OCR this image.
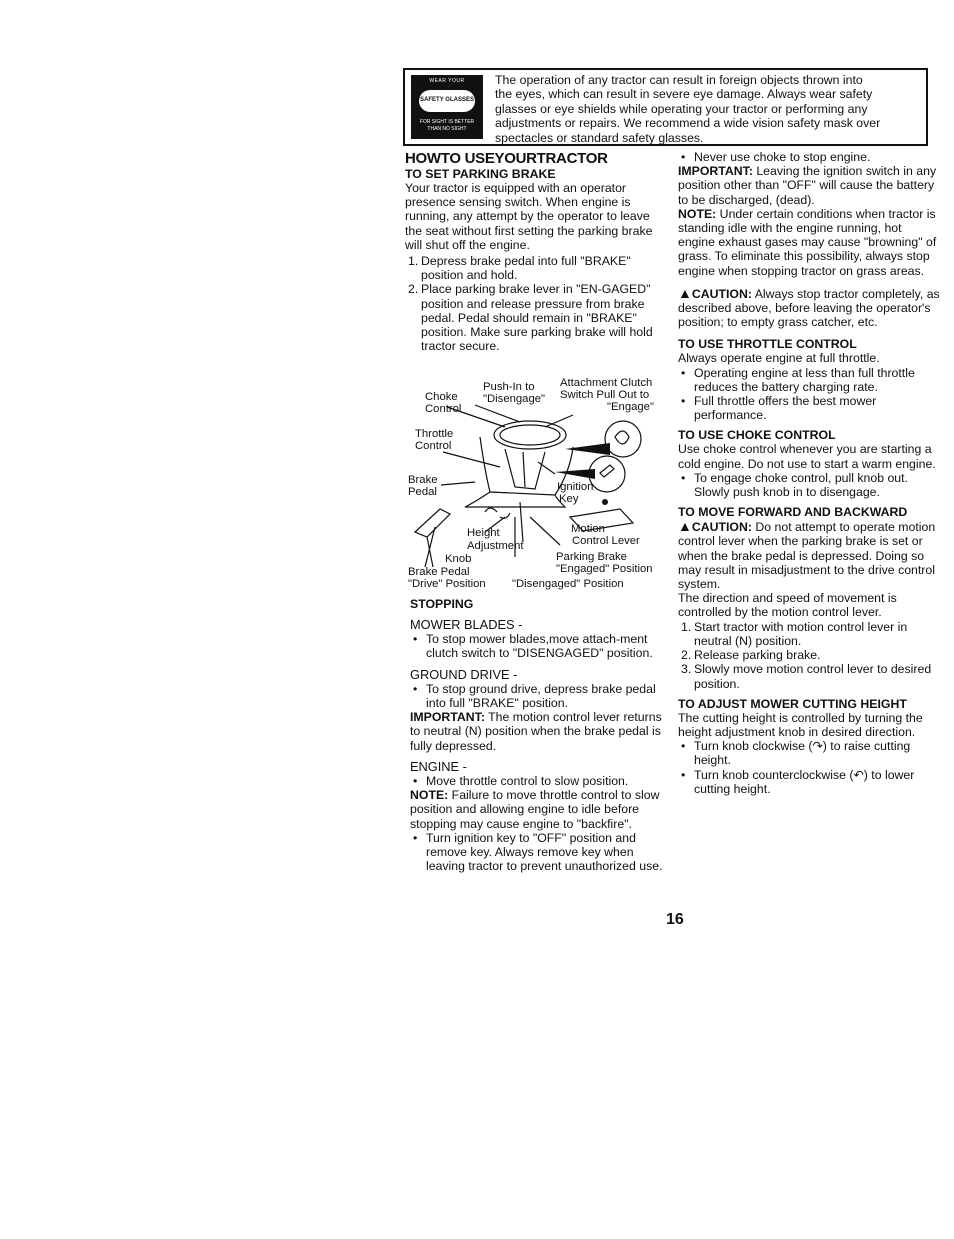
WEAR YOUR
SAFETY GLASSES
FOR SIGHT IS BETTER
THAN NO SIGHT
The operation of any tractor can result in foreign objects thrown into
the eyes, which can result in severe eye damage. Always wear safety
glasses or eye shields while operating your tractor or performing any
adjustments or repairs. We recommend a wide vision safety mask over
spectacles or standard safety glasses.
HOWTO USEYOURTRACTOR
TO SET PARKING BRAKE
Your tractor is equipped with an operator presence sensing switch. When engine is running, any attempt by the operator to leave the seat without first setting the parking brake will shut off the engine.
1. Depress brake pedal into full "BRAKE" position and hold.
2. Place parking brake lever in "EN-GAGED" position and release pressure from brake pedal. Pedal should remain in "BRAKE" position. Make sure parking brake will hold tractor secure.
Push-In to
"Disengage"
Attachment Clutch
Switch Pull Out to
"Engage"
Choke
Control
Throttle
Control
Brake
Pedal	Ignition
Key
Height
Adjustment
Knob
Motion
Control Lever
Parking Brake
"Engaged" Position
Brake Pedal
"Drive" Position "Disengaged" Position
STOPPING
MOWER BLADES -
• To stop mower blades,move attach-ment clutch switch to "DISENGAGED" position.
GROUND DRIVE -
• To stop ground drive, depress brake pedal into full "BRAKE" position.
IMPORTANT: The motion control lever returns to neutral (N) position when the brake pedal is fully depressed.
ENGINE -
• Move throttle control to slow position.
NOTE: Failure to move throttle control to slow position and allowing engine to idle before stopping may cause engine to "backfire".
• Turn ignition key to "OFF" position and remove key. Always remove key when leaving tractor to prevent unauthorized use.
• Never use choke to stop engine.
IMPORTANT: Leaving the ignition switch in any position other than "OFF" will cause the battery to be discharged, (dead).
NOTE: Under certain conditions when tractor is standing idle with the engine running, hot engine exhaust gases may cause "browning" of grass. To eliminate this possibility, always stop engine when stopping tractor on grass areas.
▲CAUTION: Always stop tractor completely, as described above, before leaving the operator's position; to empty grass catcher, etc.
TO USE THROTTLE CONTROL
Always operate engine at full throttle.
• Operating engine at less than full throttle reduces the battery charging rate.
• Full throttle offers the best mower performance.
TO USE CHOKE CONTROL
Use choke control whenever you are starting a cold engine. Do not use to start a warm engine.
• To engage choke control, pull knob out. Slowly push knob in to disengage.
TO MOVE FORWARD AND BACKWARD
▲CAUTION: Do not attempt to operate motion control lever when the parking brake is set or when the brake pedal is depressed. Doing so may result in misadjustment to the drive control system.
The direction and speed of movement is controlled by the motion control lever.
1. Start tractor with motion control lever in neutral (N) position.
2. Release parking brake.
3. Slowly move motion control lever to desired position.
TO ADJUST MOWER CUTTING HEIGHT
The cutting height is controlled by turning the height adjustment knob in desired direction.
• Turn knob clockwise (↷) to raise cutting height.
• Turn knob counterclockwise (↶) to lower cutting height.
16
